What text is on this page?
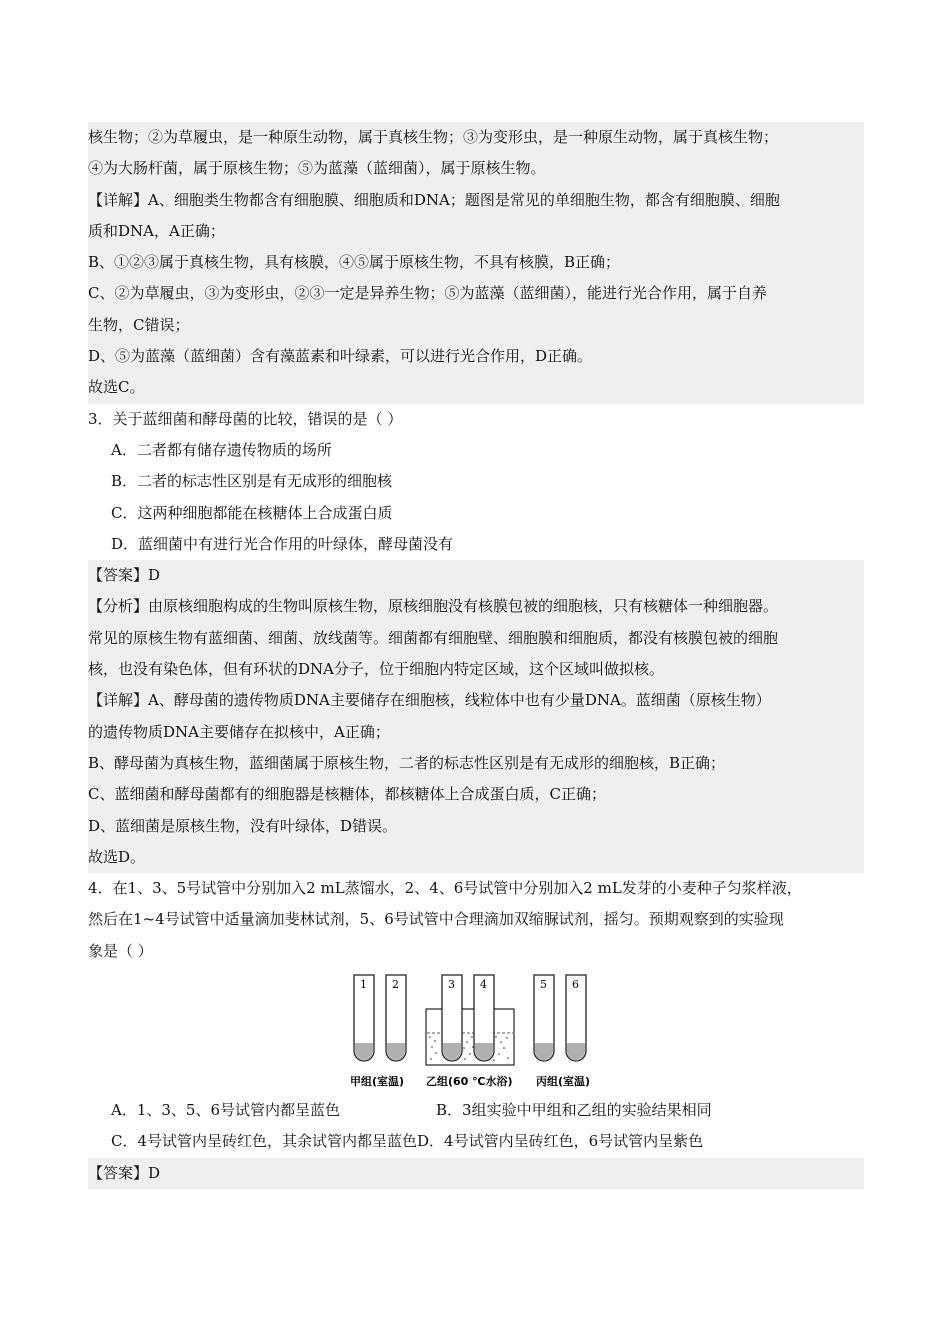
核生物；②为草履虫，是一种原生动物，属于真核生物；③为变形虫，是一种原生动物，属于真核生物；
④为大肠杆菌，属于原核生物；⑤为蓝藻（蓝细菌），属于原核生物。
【详解】A、细胞类生物都含有细胞膜、细胞质和DNA；题图是常见的单细胞生物，都含有细胞膜、细胞
质和DNA，A正确；
B、①②③属于真核生物，具有核膜，④⑤属于原核生物，不具有核膜，B正确；
C、②为草履虫，③为变形虫，②③一定是异养生物；⑤为蓝藻（蓝细菌），能进行光合作用，属于自养
生物，C错误；
D、⑤为蓝藻（蓝细菌）含有藻蓝素和叶绿素，可以进行光合作用，D正确。
故选C。
3．关于蓝细菌和酵母菌的比较，错误的是（ ）
A．二者都有储存遗传物质的场所
B．二者的标志性区别是有无成形的细胞核
C．这两种细胞都能在核糖体上合成蛋白质
D．蓝细菌中有进行光合作用的叶绿体，酵母菌没有
【答案】D
【分析】由原核细胞构成的生物叫原核生物，原核细胞没有核膜包被的细胞核，只有核糖体一种细胞器。
常见的原核生物有蓝细菌、细菌、放线菌等。细菌都有细胞壁、细胞膜和细胞质，都没有核膜包被的细胞
核，也没有染色体，但有环状的DNA分子，位于细胞内特定区域，这个区域叫做拟核。
【详解】A、酵母菌的遗传物质DNA主要储存在细胞核，线粒体中也有少量DNA。蓝细菌（原核生物）
的遗传物质DNA主要储存在拟核中，A正确；
B、酵母菌为真核生物，蓝细菌属于原核生物，二者的标志性区别是有无成形的细胞核，B正确；
C、蓝细菌和酵母菌都有的细胞器是核糖体，都核糖体上合成蛋白质，C正确；
D、蓝细菌是原核生物，没有叶绿体，D错误。
故选D。
4．在1、3、5号试管中分别加入2 mL蒸馏水，2、4、6号试管中分别加入2 mL发芽的小麦种子匀浆样液，
然后在1~4号试管中适量滴加斐林试剂，5、6号试管中合理滴加双缩脲试剂，摇匀。预期观察到的实验现
象是（ ）
1 2	3 4	5 6
甲组(室温) 乙组(60 ℃水浴) 丙组(室温)
A．1、3、5、6号试管内都呈蓝色	B．3组实验中甲组和乙组的实验结果相同
C．4号试管内呈砖红色，其余试管内都呈蓝色 D．4号试管内呈砖红色，6号试管内呈紫色
【答案】D
